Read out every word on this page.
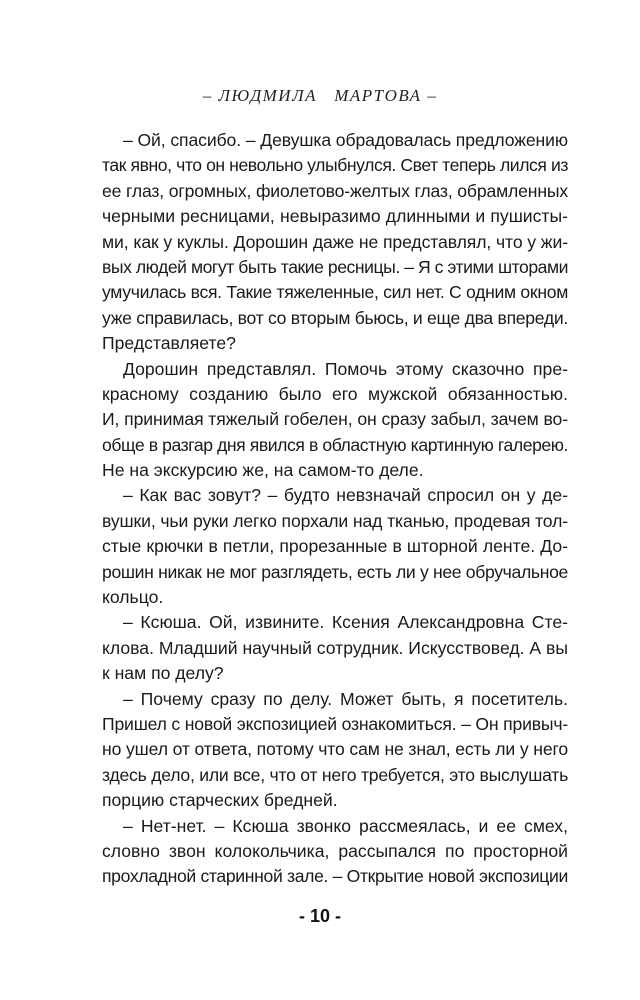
– ЛЮДМИЛА   МАРТОВА –
– Ой, спасибо. – Девушка обрадовалась предложению
так явно, что он невольно улыбнулся. Свет теперь лился из
ее глаз, огромных, фиолетово-желтых глаз, обрамленных
черными ресницами, невыразимо длинными и пушисты-
ми, как у куклы. Дорошин даже не представлял, что у жи-
вых людей могут быть такие ресницы. – Я с этими шторами
умучилась вся. Такие тяжеленные, сил нет. С одним окном
уже справилась, вот со вторым бьюсь, и еще два впереди.
Представляете?
Дорошин представлял. Помочь этому сказочно пре-
красному созданию было его мужской обязанностью.
И, принимая тяжелый гобелен, он сразу забыл, зачем во-
обще в разгар дня явился в областную картинную галерею.
Не на экскурсию же, на самом-то деле.
– Как вас зовут? – будто невзначай спросил он у де-
вушки, чьи руки легко порхали над тканью, продевая тол-
стые крючки в петли, прорезанные в шторной ленте. До-
рошин никак не мог разглядеть, есть ли у нее обручальное
кольцо.
– Ксюша. Ой, извините. Ксения Александровна Сте-
клова. Младший научный сотрудник. Искусствовед. А вы
к нам по делу?
– Почему сразу по делу. Может быть, я посетитель.
Пришел с новой экспозицией ознакомиться. – Он привыч-
но ушел от ответа, потому что сам не знал, есть ли у него
здесь дело, или все, что от него требуется, это выслушать
порцию старческих бредней.
– Нет-нет. – Ксюша звонко рассмеялась, и ее смех,
словно звон колокольчика, рассыпался по просторной
прохладной старинной зале. – Открытие новой экспозиции
- 10 -
